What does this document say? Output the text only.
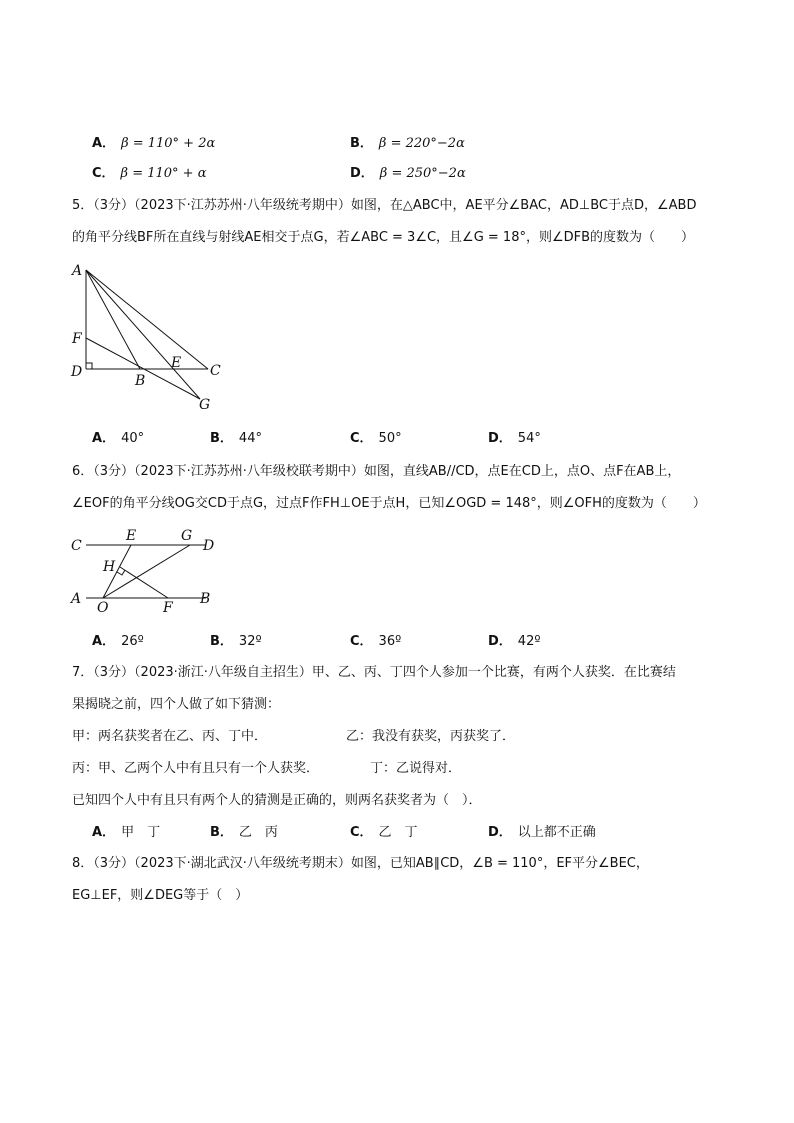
A． β = 110° + 2α	B． β = 220°−2α
C． β = 110° + α	D． β = 250°−2α
5．（3分）（2023下·江苏苏州·八年级统考期中）如图，在△ABC中，AE平分∠BAC，AD⊥BC于点D，∠ABD
的角平分线BF所在直线与射线AE相交于点G，若∠ABC = 3∠C，且∠G = 18°，则∠DFB的度数为（　　）
A
F
D
B
E C
G
A． 40°	B． 44°	C． 50°	D． 54°
6．（3分）（2023下·江苏苏州·八年级校联考期中）如图，直线AB//CD，点E在CD上，点O、点F在AB上，
∠EOF的角平分线OG交CD于点G，过点F作FH⊥OE于点H，已知∠OGD = 148°，则∠OFH的度数为（　　）
C
E	G
D
H
A
O	F
B
A． 26º	B． 32º	C． 36º	D． 42º
7．（3分）（2023·浙江·八年级自主招生）甲、乙、丙、丁四个人参加一个比赛，有两个人获奖．在比赛结
果揭晓之前，四个人做了如下猜测：
甲：两名获奖者在乙、丙、丁中．	乙：我没有获奖，丙获奖了．
丙：甲、乙两个人中有且只有一个人获奖．	丁：乙说得对．
已知四个人中有且只有两个人的猜测是正确的，则两名获奖者为（　）．
A． 甲　丁	B． 乙　丙	C． 乙　丁	D． 以上都不正确
8．（3分）（2023下·湖北武汉·八年级统考期末）如图，已知AB∥CD，∠B = 110°，EF平分∠BEC，
EG⊥EF，则∠DEG等于（　）
